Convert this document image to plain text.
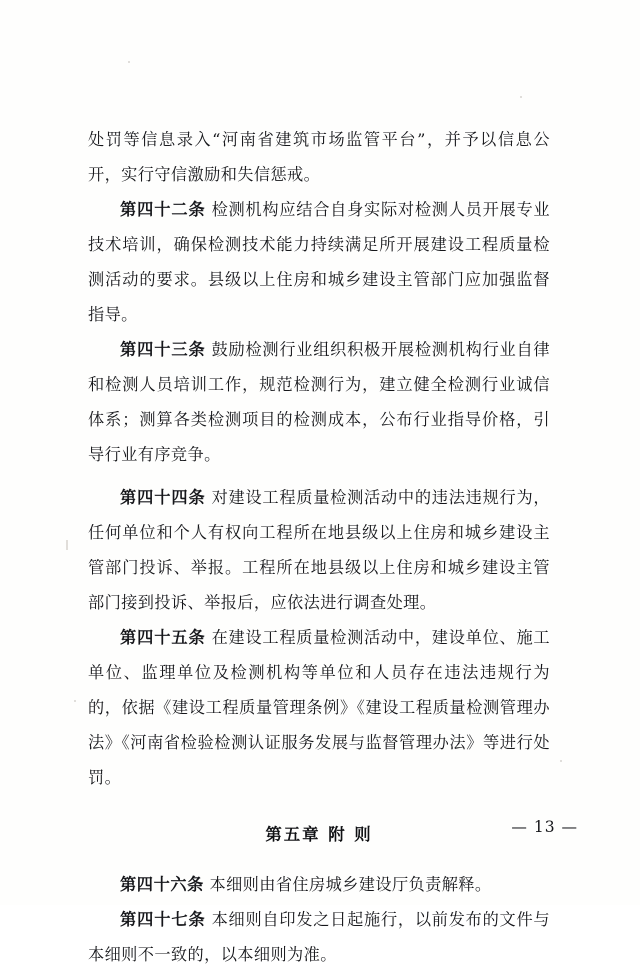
处罚等信息录入“河南省建筑市场监管平台”，并予以信息公开，实行守信激励和失信惩戒。

第四十二条 检测机构应结合自身实际对检测人员开展专业技术培训，确保检测技术能力持续满足所开展建设工程质量检测活动的要求。县级以上住房和城乡建设主管部门应加强监督指导。

第四十三条 鼓励检测行业组织积极开展检测机构行业自律和检测人员培训工作，规范检测行为，建立健全检测行业诚信体系；测算各类检测项目的检测成本，公布行业指导价格，引导行业有序竞争。

第四十四条 对建设工程质量检测活动中的违法违规行为，任何单位和个人有权向工程所在地县级以上住房和城乡建设主管部门投诉、举报。工程所在地县级以上住房和城乡建设主管部门接到投诉、举报后，应依法进行调查处理。

第四十五条 在建设工程质量检测活动中，建设单位、施工单位、监理单位及检测机构等单位和人员存在违法违规行为的，依据《建设工程质量管理条例》《建设工程质量检测管理办法》《河南省检验检测认证服务发展与监督管理办法》等进行处罚。

第五章 附 则

第四十六条 本细则由省住房城乡建设厅负责解释。

第四十七条 本细则自印发之日起施行，以前发布的文件与本细则不一致的，以本细则为准。

— 13 —
